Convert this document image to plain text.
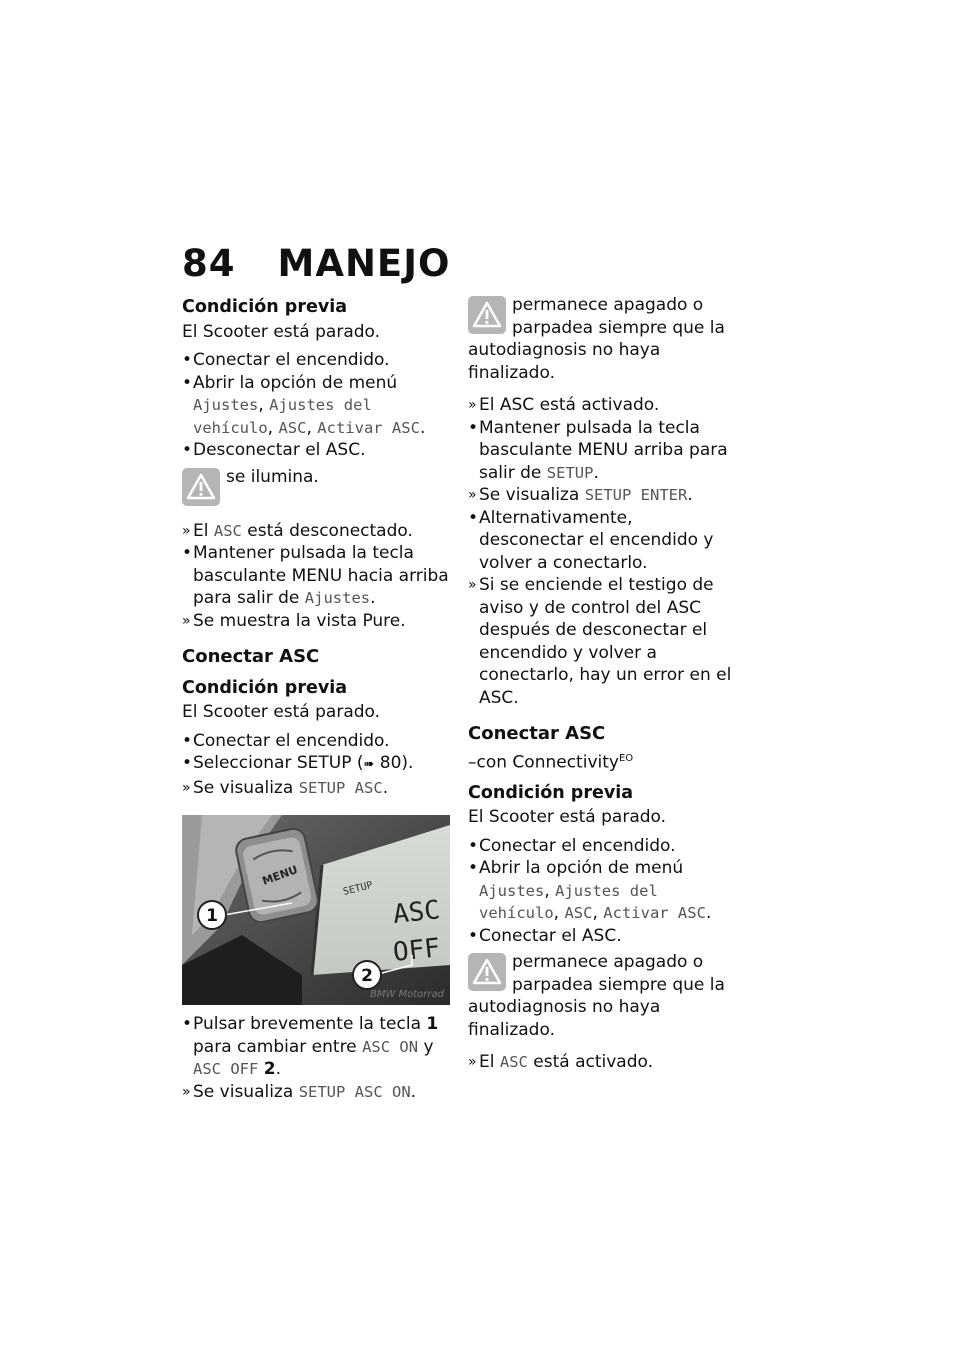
84 MANEJO
Condición previa
El Scooter está parado.
• Conectar el encendido.
• Abrir la opción de menú
Ajustes, Ajustes del vehículo, ASC, Activar ASC.
• Desconectar el ASC.
se ilumina.
» El ASC está desconectado.
• Mantener pulsada la tecla basculante MENU hacia arriba para salir de Ajustes.
» Se muestra la vista Pure.
Conectar ASC
Condición previa
El Scooter está parado.
• Conectar el encendido.
• Seleccionar SETUP (➠ 80).
» Se visualiza SETUP ASC.
MENU
SETUP
ASC
OFF
1
2
BMW Motorrad
• Pulsar brevemente la tecla 1 para cambiar entre ASC ON y ASC OFF 2.
» Se visualiza SETUP ASC ON.
permanece apagado o parpadea siempre que la
autodiagnosis no haya finalizado.
» El ASC está activado.
• Mantener pulsada la tecla basculante MENU arriba para salir de SETUP.
» Se visualiza SETUP ENTER.
• Alternativamente, desconectar el encendido y volver a conectarlo.
» Si se enciende el testigo de aviso y de control del ASC después de desconectar el encendido y volver a conectarlo, hay un error en el ASC.
Conectar ASC
–con Connectivity$^{EO}$
Condición previa
El Scooter está parado.
• Conectar el encendido.
• Abrir la opción de menú
Ajustes, Ajustes del vehículo, ASC, Activar ASC.
• Conectar el ASC.
permanece apagado o parpadea siempre que la
autodiagnosis no haya finalizado.
» El ASC está activado.
